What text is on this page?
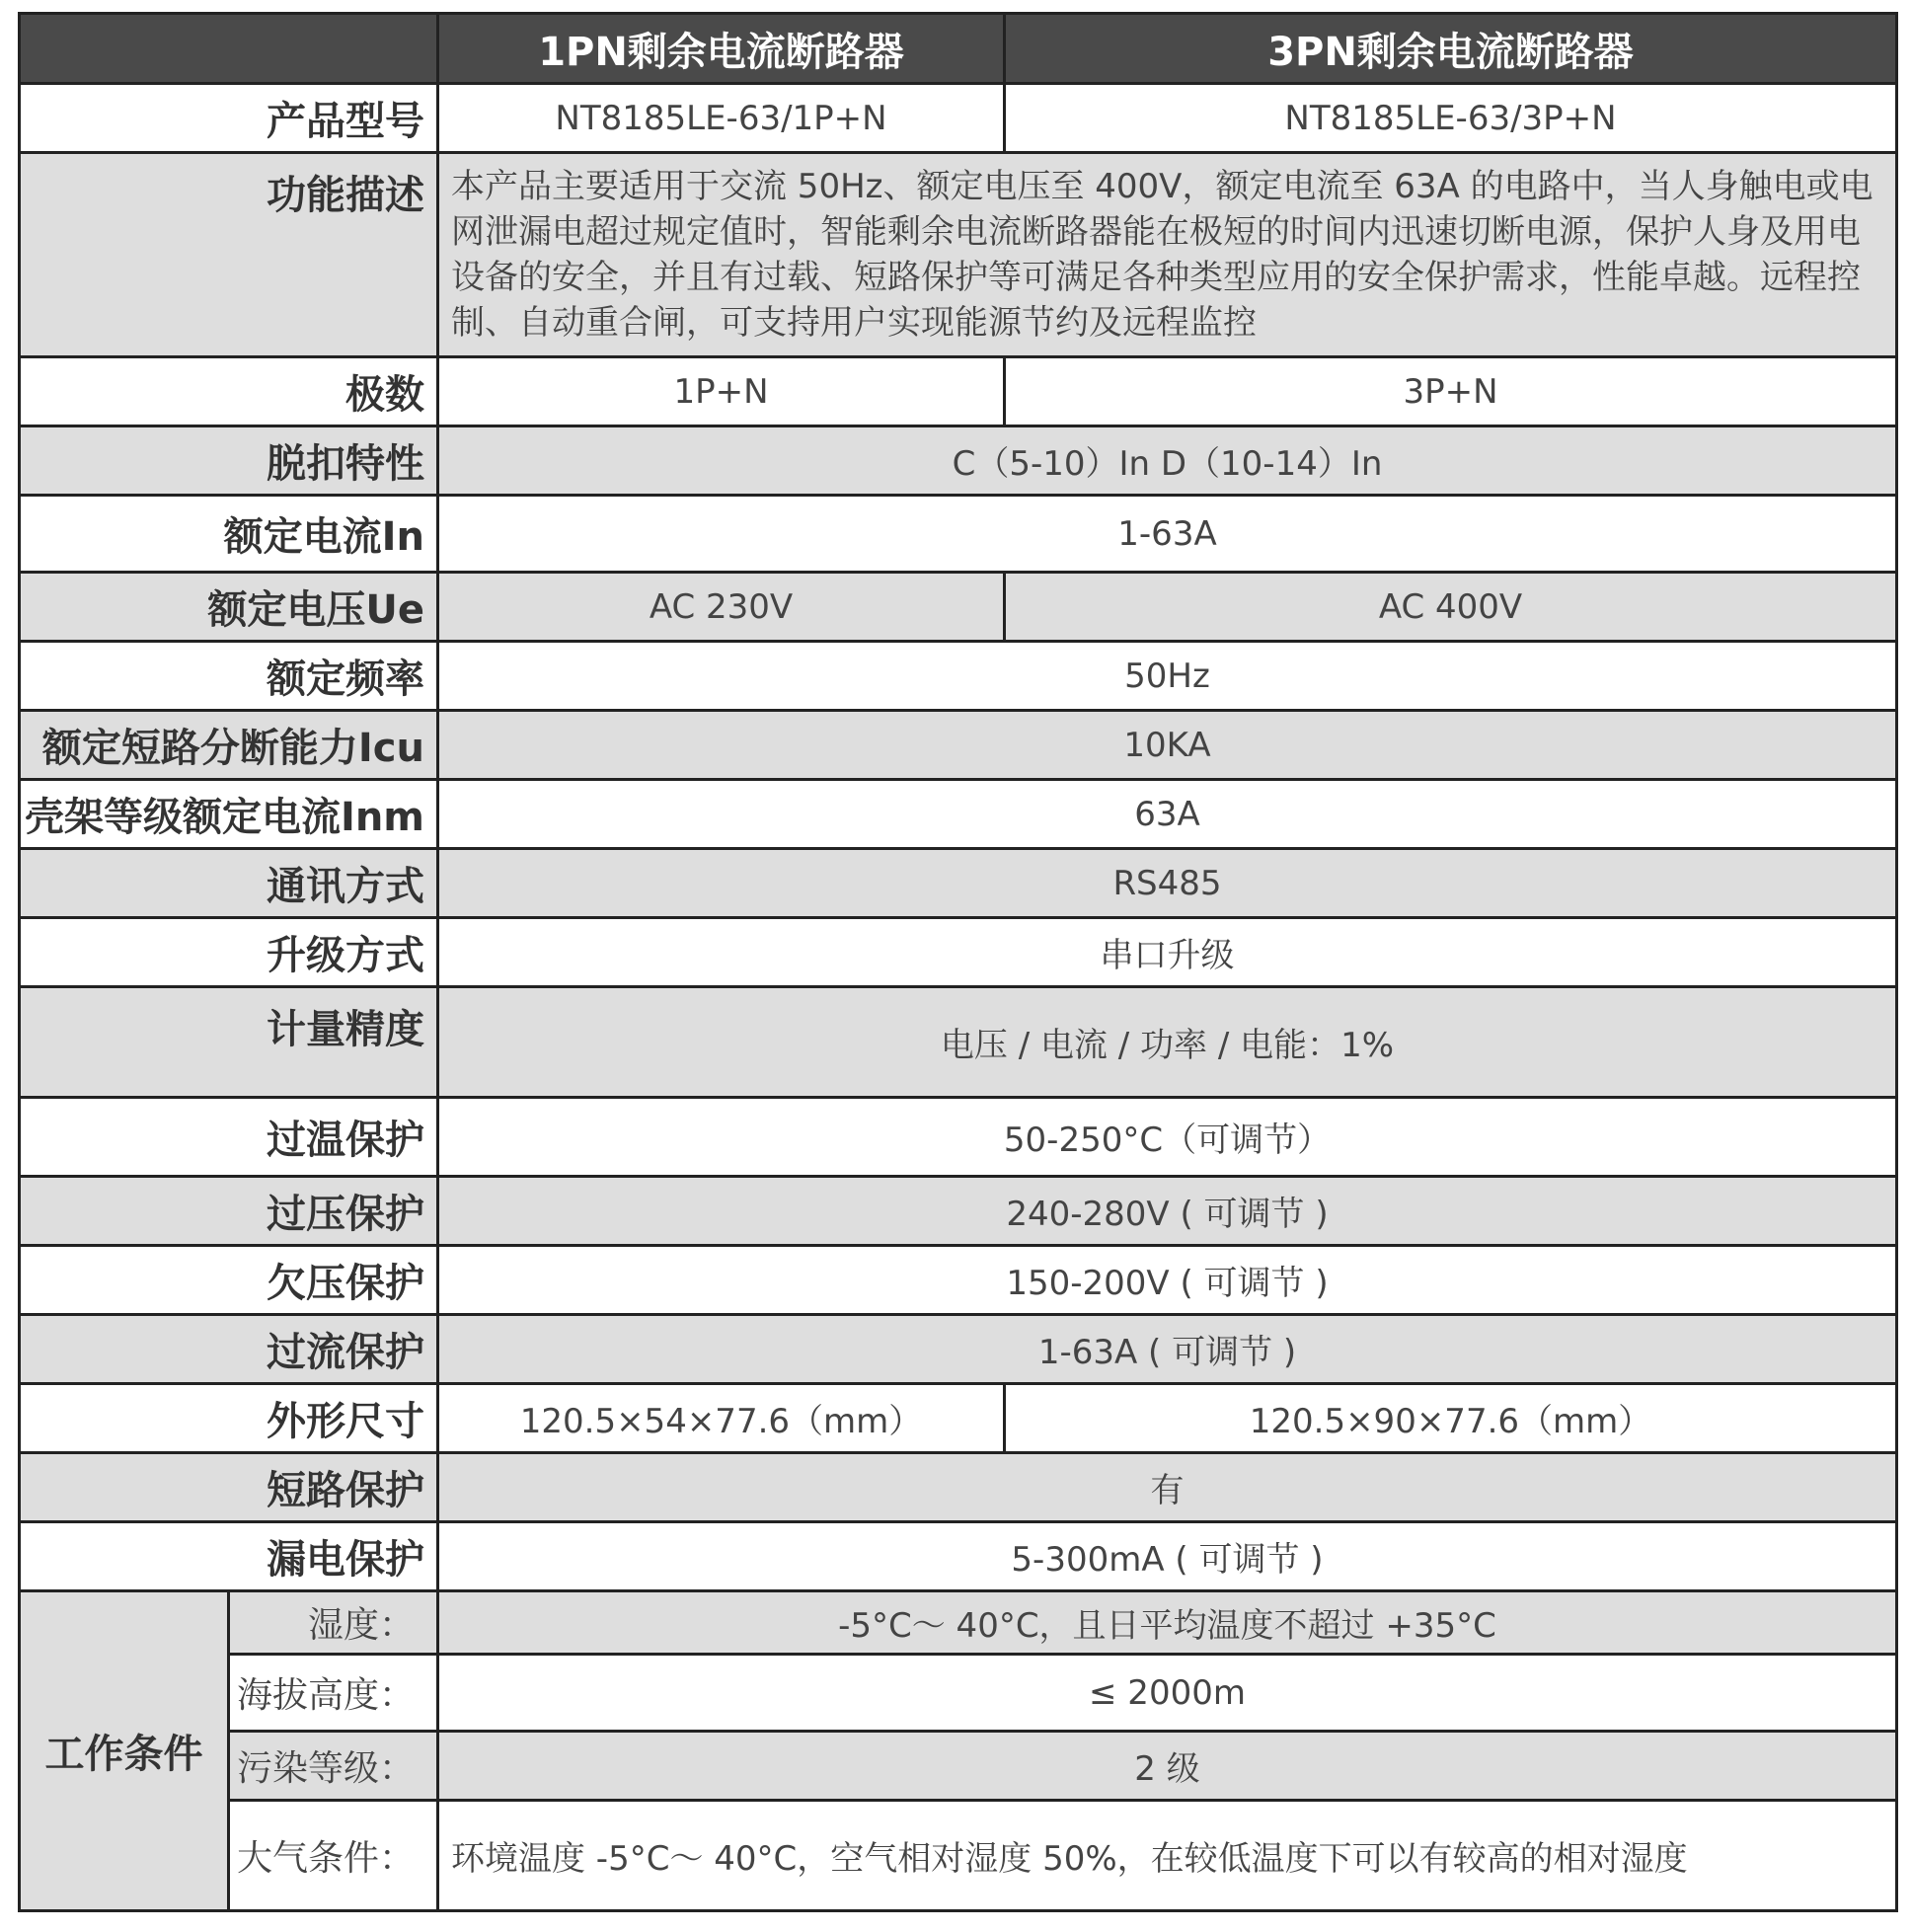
		1PN剩余电流断路器	3PN剩余电流断路器
产品型号		NT8185LE-63/1P+N	NT8185LE-63/3P+N
功能描述		本产品主要适用于交流 50Hz、额定电压至 400V，额定电流至 63A 的电路中，当人身触电或电网泄漏电超过规定值时，智能剩余电流断路器能在极短的时间内迅速切断电源，保护人身及用电设备的安全，并且有过载、短路保护等可满足各种类型应用的安全保护需求，性能卓越。远程控制、自动重合闸，可支持用户实现能源节约及远程监控	
极数		1P+N	3P+N
脱扣特性		C（5-10）In D（10-14）In	
额定电流In		1-63A	
额定电压Ue		AC 230V	AC 400V
额定频率		50Hz	
额定短路分断能力Icu		10KA	
壳架等级额定电流Inm		63A	
通讯方式		RS485	
升级方式		串口升级	
计量精度		电压 / 电流 / 功率 / 电能：1%	
过温保护		50-250°C（可调节）	
过压保护		240-280V ( 可调节 )	
欠压保护		150-200V ( 可调节 )	
过流保护		1-63A ( 可调节 )	
外形尺寸		120.5×54×77.6（mm）	120.5×90×77.6（mm）
短路保护		有	
漏电保护		5-300mA ( 可调节 )	
工作条件	湿度：	-5°C～ 40°C，且日平均温度不超过 +35°C	
	海拔高度：	≤ 2000m	
	污染等级：	2 级	
	大气条件：	环境温度 -5°C～ 40°C，空气相对湿度 50%，在较低温度下可以有较高的相对湿度	
